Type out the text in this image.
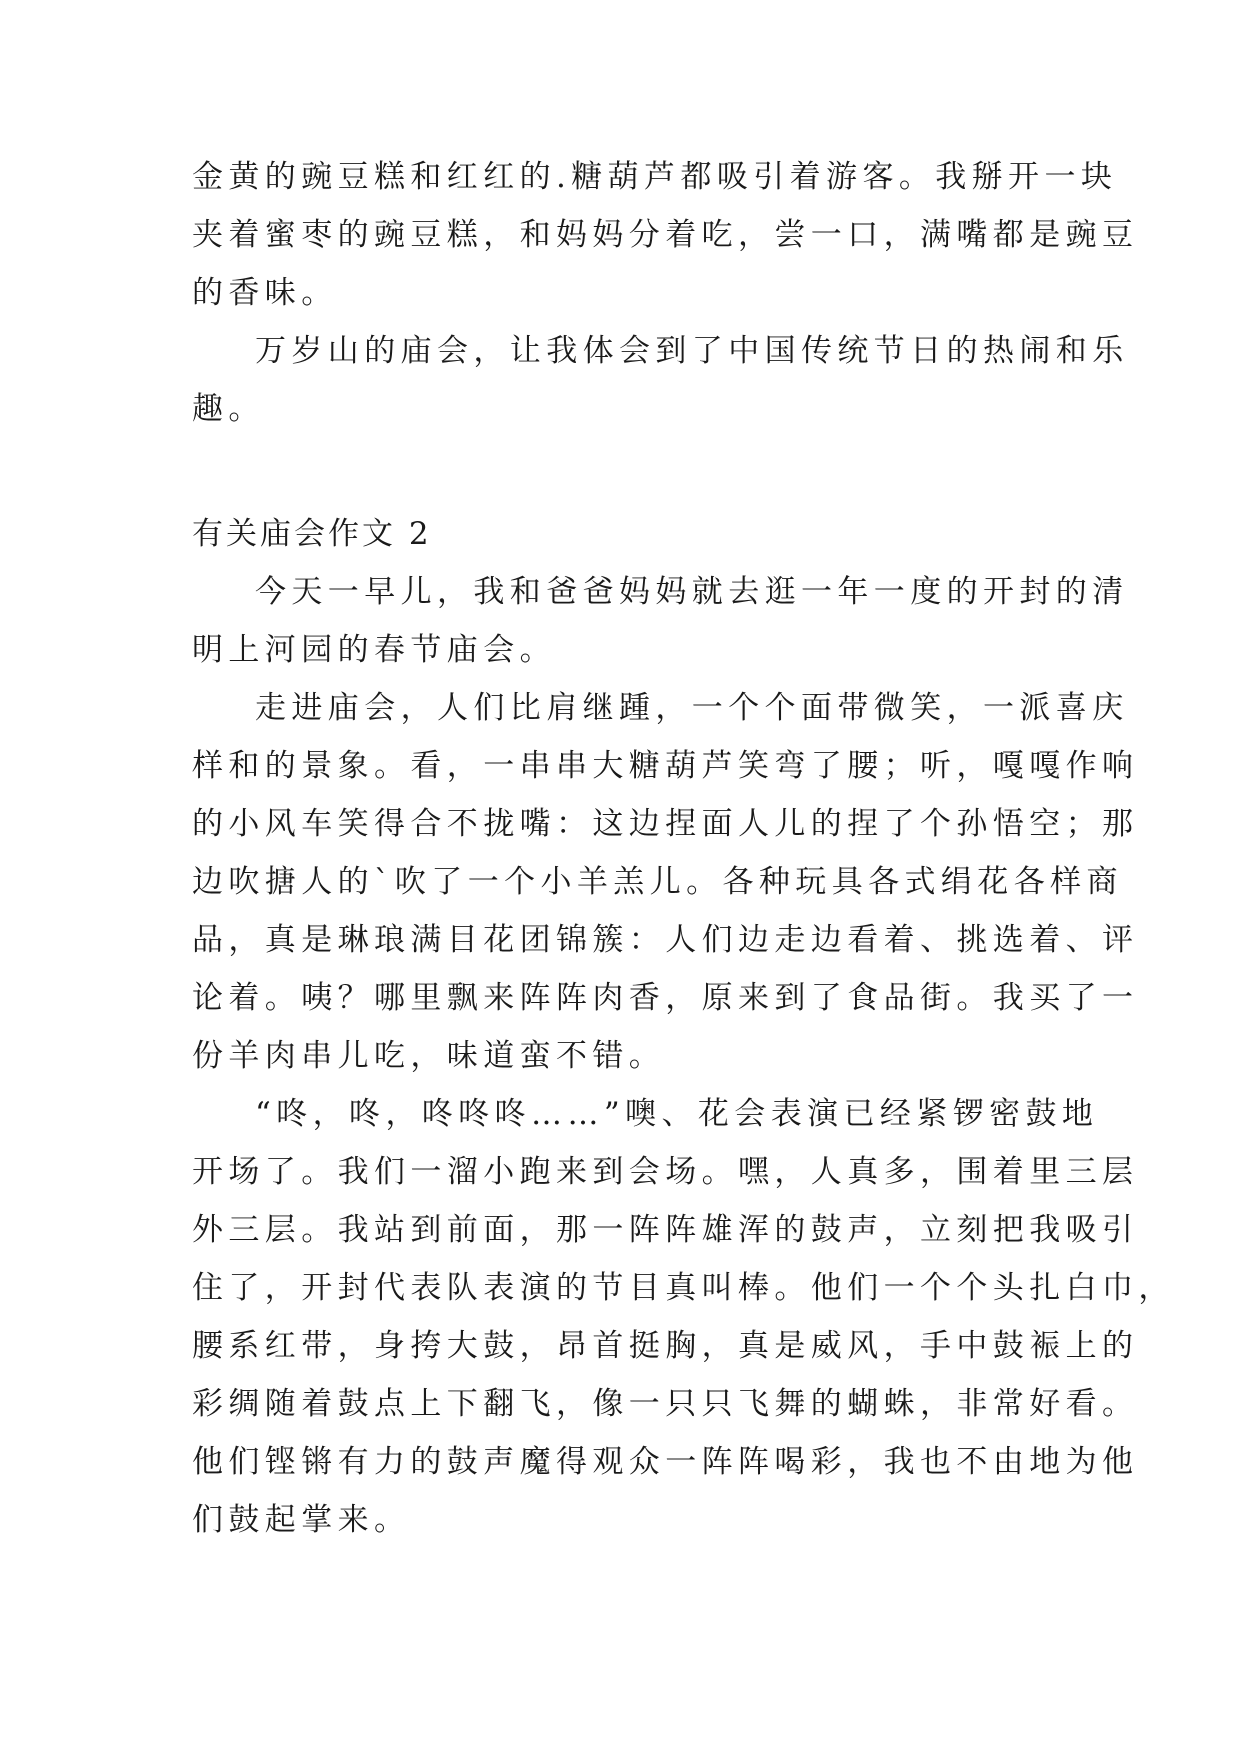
金黄的豌豆糕和红红的.糖葫芦都吸引着游客。我掰开一块
夹着蜜枣的豌豆糕，和妈妈分着吃，尝一口，满嘴都是豌豆
的香味。
万岁山的庙会，让我体会到了中国传统节日的热闹和乐
趣。
有关庙会作文 2
今天一早儿，我和爸爸妈妈就去逛一年一度的开封的清
明上河园的春节庙会。
走进庙会，人们比肩继踵，一个个面带微笑，一派喜庆
样和的景象。看，一串串大糖葫芦笑弯了腰；听，嘎嘎作响
的小风车笑得合不拢嘴：这边捏面人儿的捏了个孙悟空；那
边吹搪人的`吹了一个小羊羔儿。各种玩具各式绢花各样商
品，真是琳琅满目花团锦簇：人们边走边看着、挑选着、评
论着。咦？哪里飘来阵阵肉香，原来到了食品街。我买了一
份羊肉串儿吃，味道蛮不错。
“咚，咚，咚咚咚……”噢、花会表演已经紧锣密鼓地
开场了。我们一溜小跑来到会场。嘿，人真多，围着里三层
外三层。我站到前面，那一阵阵雄浑的鼓声，立刻把我吸引
住了，开封代表队表演的节目真叫棒。他们一个个头扎白巾，
腰系红带，身挎大鼓，昂首挺胸，真是威风，手中鼓裖上的
彩绸随着鼓点上下翻飞，像一只只飞舞的蝴蛛，非常好看。
他们铿锵有力的鼓声魔得观众一阵阵喝彩，我也不由地为他
们鼓起掌来。
